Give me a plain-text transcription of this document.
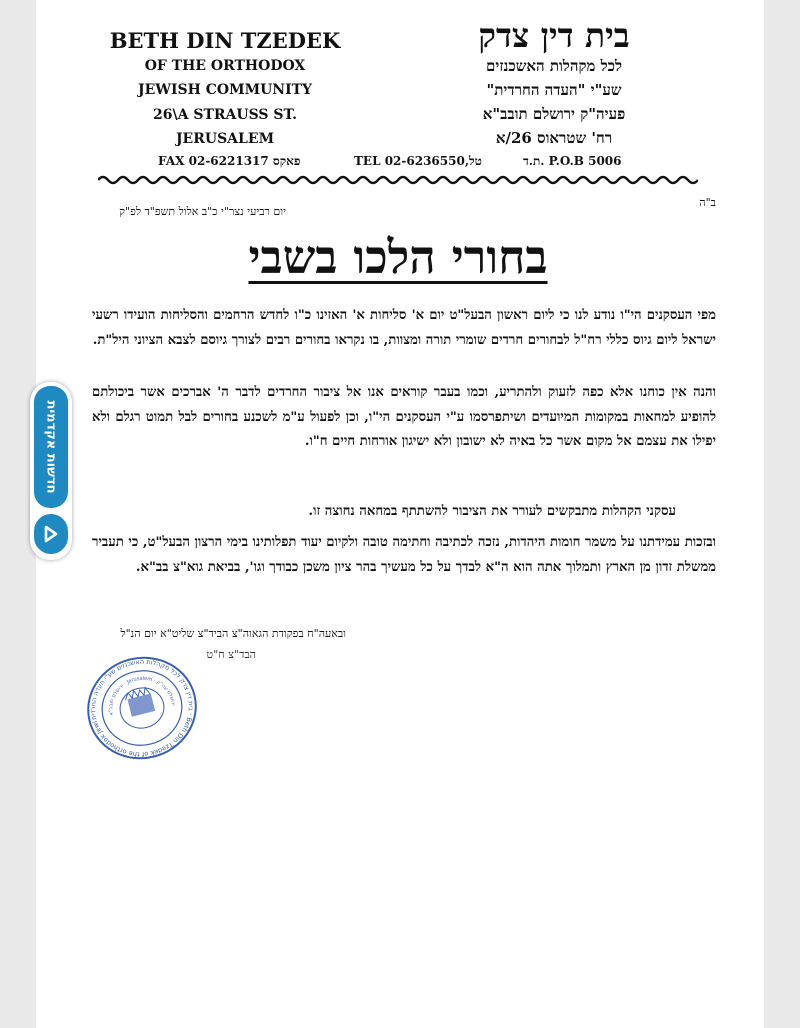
BETH DIN TZEDEK
OF THE ORTHODOX
JEWISH COMMUNITY
26\A STRAUSS ST.
JERUSALEM
בית דין צדק
לכל מקהלות האשכנזים
שע"י "העדה החרדית"
פעיה"ק ירושלם תובב"א
רח' שטראוס 26/א
FAX 02-6221317 פאקס	TEL 02-6236550,טל	ת.ד. P.O.B 5006
ב"ה
יום רביעי נצר"י כ"ב אלול תשפ"ד לפ"ק
בחורי הלכו בשבי
מפי העסקנים הי"ו נודע לנו כי ליום ראשון הבעל"ט יום א' סליחות א' האזינו כ"ו לחדש הרחמים והסליחות הועידו רשעי ישראל ליום גיוס כללי רח"ל לבחורים חרדים שומרי תורה ומצוות, בו נקראו בחורים רבים לצורך גיוסם לצבא הציוני היל"ת.
והנה אין כוחנו אלא כפה לזעוק ולהתריע, וכמו בעבר קוראים אנו אל ציבור החרדים לדבר ה' אברכים אשר ביכולתם להופיע למחאות במקומות המיועדים ושיתפרסמו ע"י העסקנים הי"ו, וכן לפעול ע"מ לשכנע בחורים לבל תמוט רגלם ולא יפילו את עצמם אל מקום אשר כל באיה לא ישובון ולא ישיגון אורחות חיים ח"ו.
עסקני הקהלות מתבקשים לעורר את הציבור להשתתף במחאה נחוצה זו.
ובזכות עמידתנו על משמר חומות היהדות, נזכה לכתיבה וחתימה טובה ולקיום יעוד תפלותינו בימי הרצון הבעל"ט, כי תעביר ממשלת זדון מן הארץ ותמלוך אתה הוא ה"א לבדך על כל מעשיך בהר ציון משכן כבודך וגו', בביאת גוא"צ בב"א.
ובאעה"ח בפקודת הגאוה"צ הביד"צ שליט"א יום הנ"ל
הבד"צ ח"ט
בית דין צדק לכל מקהלות האשכנזים שע"י העדה החרדית · Beth Din Tzedek of the orthodox Jewish
ירושלם תובב"א · Jerusalem · ירושלם עה"ק
חדשות אקדמית
